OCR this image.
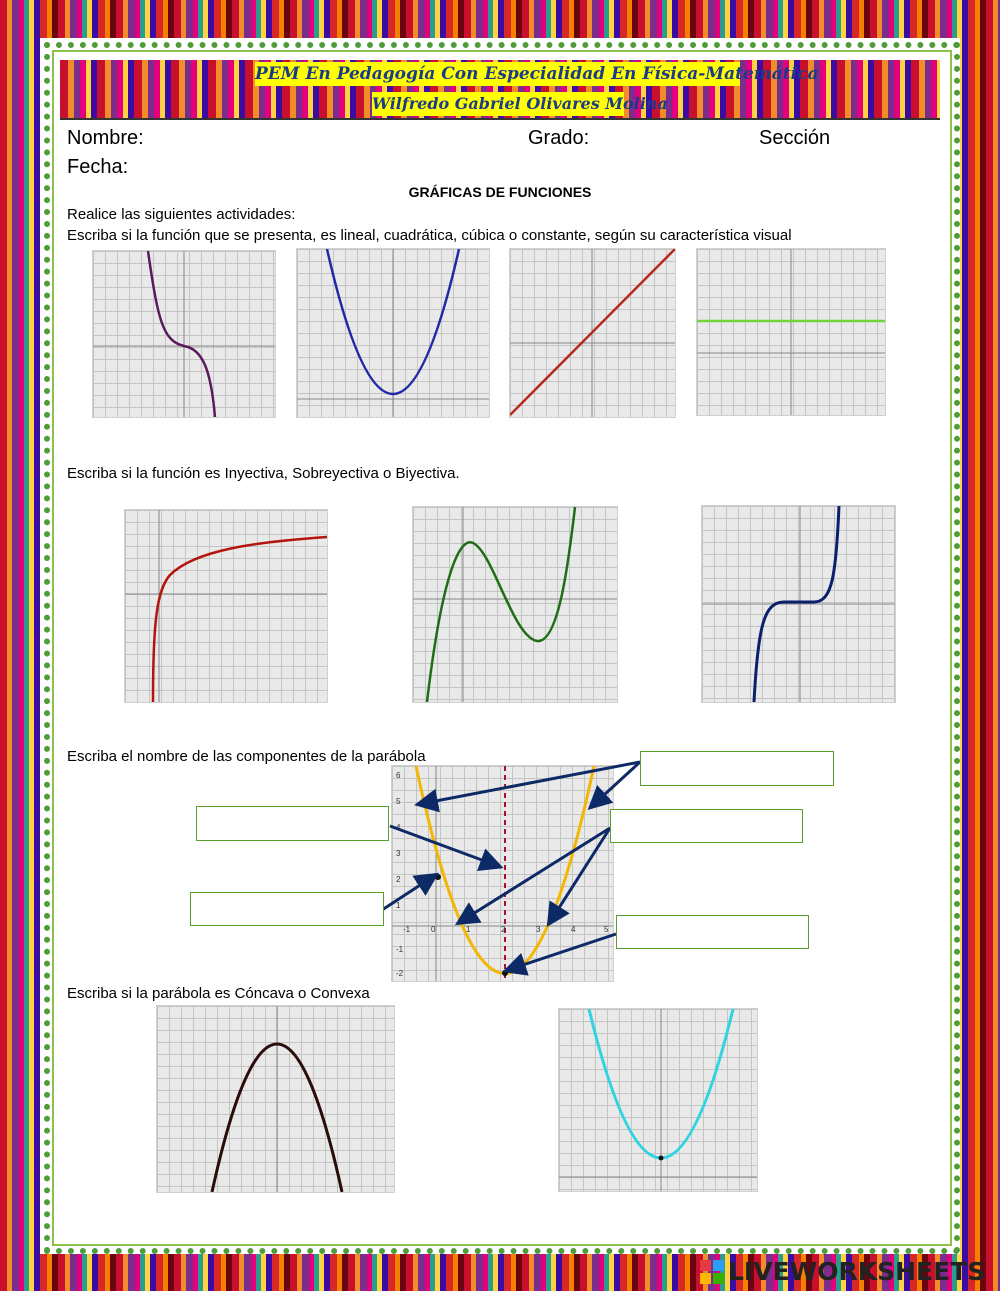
PEM En Pedagogía Con Especialidad En Física-Matemática
Wilfredo Gabriel Olivares Molina
Nombre:	Grado:	Sección
Fecha:
GRÁFICAS DE FUNCIONES
Realice las siguientes actividades:
Escriba si la función que se presenta, es lineal, cuadrática, cúbica o constante, según su característica visual
Escriba si la función es Inyectiva, Sobreyectiva o Biyectiva.
Escriba el nombre de las componentes de la parábola
-1	0	1	2	3	4	5
6
5
4
3
2
1
-1
-2
Escriba si la parábola es Cóncava o Convexa
LIVEWORKSHEETS
